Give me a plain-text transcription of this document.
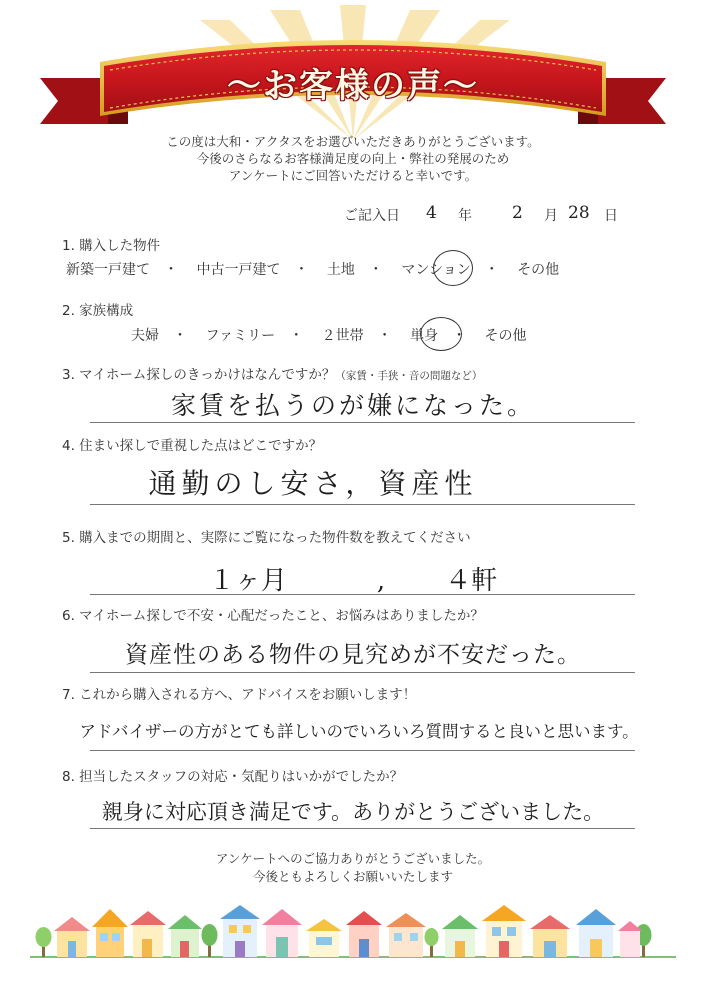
～お客様の声～
この度は大和・アクタスをお選びいただきありがとうございます。
今後のさらなるお客様満足度の向上・弊社の発展のため
アンケートにご回答いただけると幸いです。
ご記入日 4 年 2 月 28 日
1. 購入した物件
新築一戸建て ・ 中古一戸建て ・ 土地 ・ マンション ・ その他
2. 家族構成
夫婦 ・ ファミリー ・ ２世帯 ・ 単身 ・ その他
3. マイホーム探しのきっかけはなんですか？（家賃・手狭・音の問題など）
家賃を払うのが嫌になった。
4. 住まい探しで重視した点はどこですか？
通勤のし安さ，資産性
5. 購入までの期間と、実際にご覧になった物件数を教えてください
１ヶ月	, ４軒
6. マイホーム探しで不安・心配だったこと、お悩みはありましたか？
資産性のある物件の見究めが不安だった。
7. これから購入される方へ、アドバイスをお願いします！
アドバイザーの方がとても詳しいのでいろいろ質問すると良いと思います。
8. 担当したスタッフの対応・気配りはいかがでしたか？
親身に対応頂き満足です。ありがとうございました。
アンケートへのご協力ありがとうございました。
今後ともよろしくお願いいたします
